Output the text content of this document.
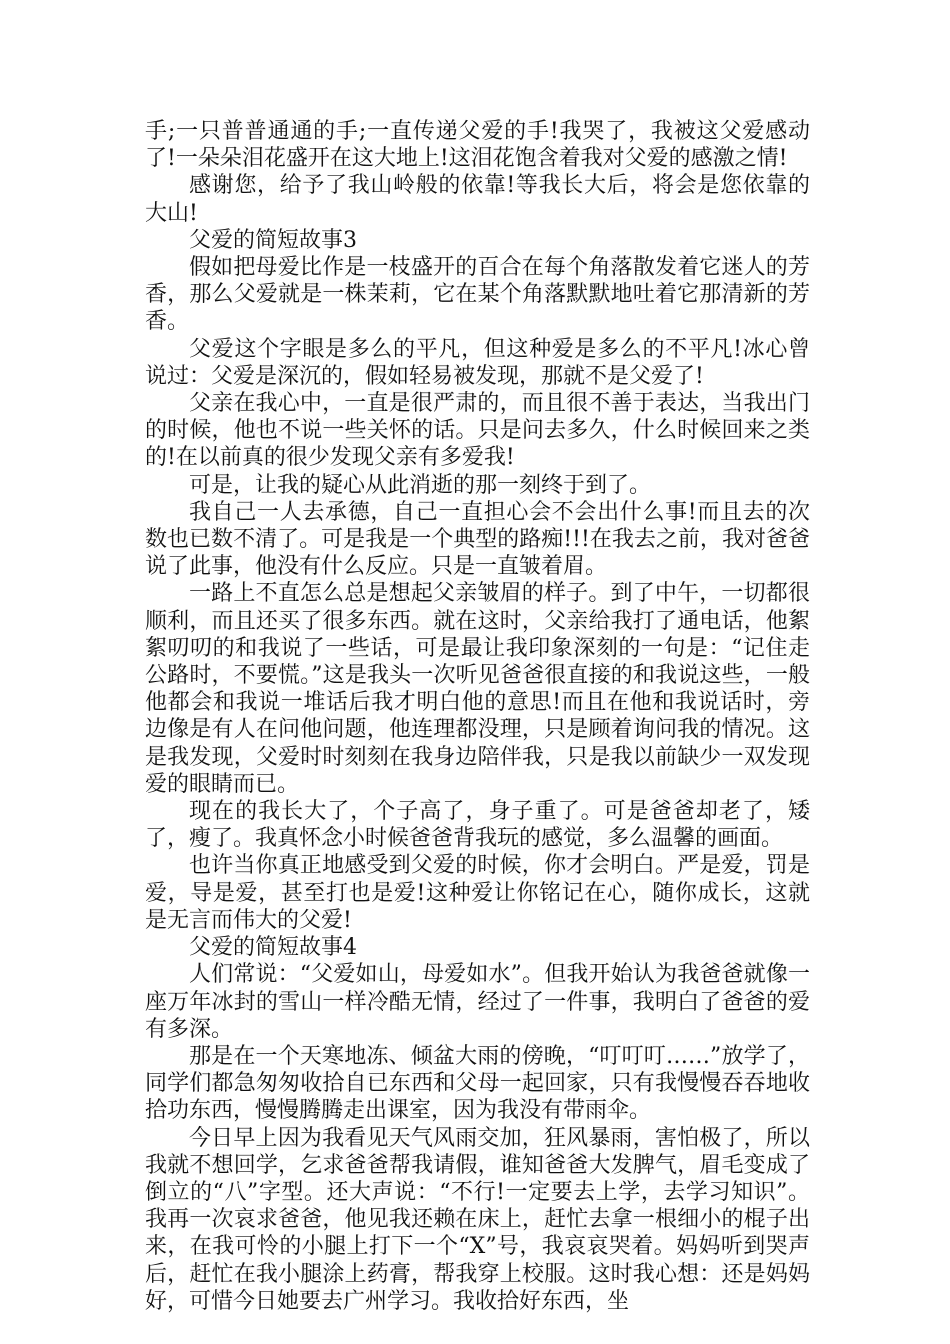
手;一只普普通通的手;一直传递父爱的手!我哭了，我被这父爱感动了!一朵朵泪花盛开在这大地上!这泪花饱含着我对父爱的感激之情!

感谢您，给予了我山岭般的依靠!等我长大后，将会是您依靠的大山!

父爱的简短故事3

假如把母爱比作是一枝盛开的百合在每个角落散发着它迷人的芳香，那么父爱就是一株茉莉，它在某个角落默默地吐着它那清新的芳香。

父爱这个字眼是多么的平凡，但这种爱是多么的不平凡!冰心曾说过：父爱是深沉的，假如轻易被发现，那就不是父爱了!

父亲在我心中，一直是很严肃的，而且很不善于表达，当我出门的时候，他也不说一些关怀的话。只是问去多久，什么时候回来之类的!在以前真的很少发现父亲有多爱我!

可是，让我的疑心从此消逝的那一刻终于到了。

我自己一人去承德，自己一直担心会不会出什么事!而且去的次数也已数不清了。可是我是一个典型的路痴!!!在我去之前，我对爸爸说了此事，他没有什么反应。只是一直皱着眉。

一路上不直怎么总是想起父亲皱眉的样子。到了中午，一切都很顺利，而且还买了很多东西。就在这时，父亲给我打了通电话，他絮絮叨叨的和我说了一些话，可是最让我印象深刻的一句是：“记住走公路时，不要慌。”这是我头一次听见爸爸很直接的和我说这些，一般他都会和我说一堆话后我才明白他的意思!而且在他和我说话时，旁边像是有人在问他问题，他连理都没理，只是顾着询问我的情况。这是我发现，父爱时时刻刻在我身边陪伴我，只是我以前缺少一双发现爱的眼睛而已。

现在的我长大了，个子高了，身子重了。可是爸爸却老了，矮了，瘦了。我真怀念小时候爸爸背我玩的感觉，多么温馨的画面。

也许当你真正地感受到父爱的时候，你才会明白。严是爱，罚是爱，导是爱，甚至打也是爱!这种爱让你铭记在心，随你成长，这就是无言而伟大的父爱!

父爱的简短故事4

人们常说：“父爱如山，母爱如水”。但我开始认为我爸爸就像一座万年冰封的雪山一样冷酷无情，经过了一件事，我明白了爸爸的爱有多深。

那是在一个天寒地冻、倾盆大雨的傍晚，“叮叮叮……”放学了，同学们都急匆匆收拾自已东西和父母一起回家，只有我慢慢吞吞地收拾功东西，慢慢腾腾走出课室，因为我没有带雨伞。

今日早上因为我看见天气风雨交加，狂风暴雨，害怕极了，所以我就不想回学，乞求爸爸帮我请假，谁知爸爸大发脾气，眉毛变成了倒立的“八”字型。还大声说：“不行!一定要去上学，去学习知识”。我再一次哀求爸爸，他见我还赖在床上，赶忙去拿一根细小的棍子出来，在我可怜的小腿上打下一个“X”号，我哀哀哭着。妈妈听到哭声后，赶忙在我小腿涂上药膏，帮我穿上校服。这时我心想：还是妈妈好，可惜今日她要去广州学习。我收拾好东西，坐
